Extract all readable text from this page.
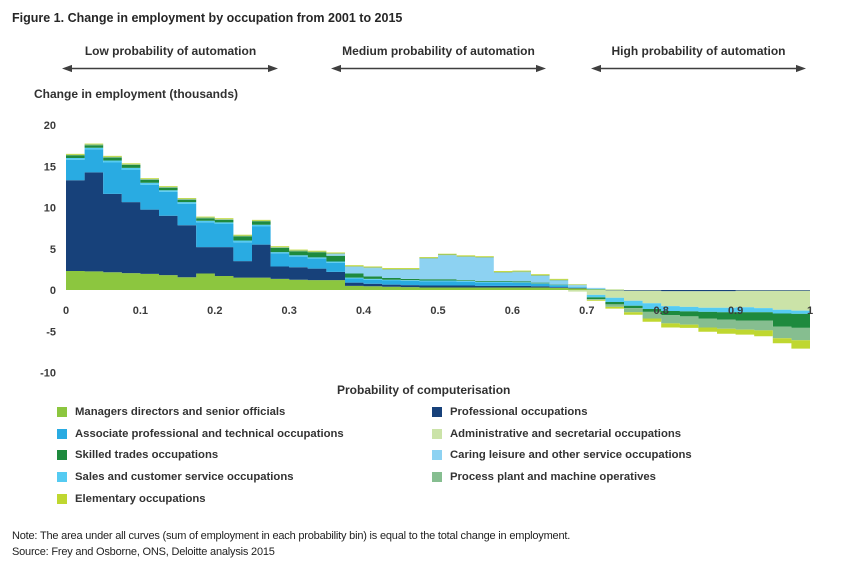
Figure 1. Change in employment by occupation from 2001 to 2015
Low probability of automation	Medium probability of automation	High probability of automation
Change in employment (thousands)
20
15
10
5
0
-5
-10
0	0.1	0.2	0.3	0.4	0.5	0.6	0.7	0.8	0.9	1
Probability of computerisation
Managers directors and senior officials
Associate professional and technical occupations
Skilled trades occupations
Sales and customer service occupations
Elementary occupations
Professional occupations
Administrative and secretarial occupations
Caring leisure and other service occupations
Process plant and machine operatives
Note: The area under all curves (sum of employment in each probability bin) is equal to the total change in employment.
Source: Frey and Osborne, ONS, Deloitte analysis 2015
